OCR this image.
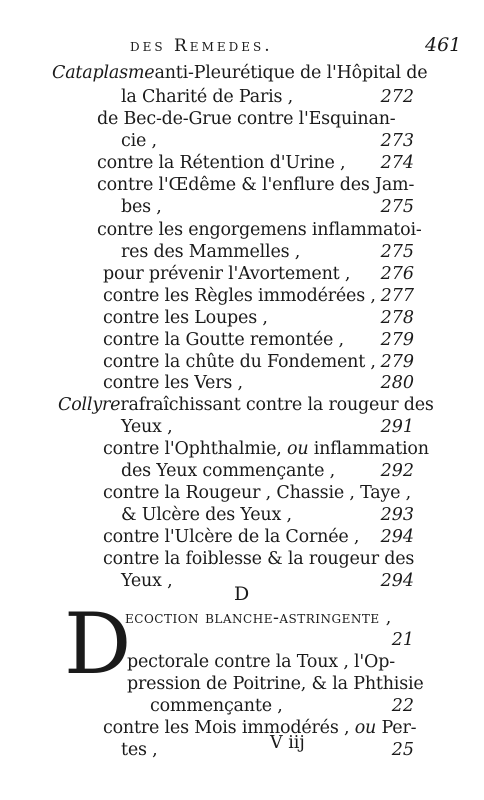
des Remedes.	461
Cataplasmeanti-Pleurétique de l'Hôpital de
la Charité de Paris ,	272
de Bec-de-Grue contre l'Esquinan-
cie ,	273
contre la Rétention d'Urine , 274
contre l'Œdême & l'enflure des Jam-
bes ,	275
contre les engorgemens inflammatoi-
res des Mammelles ,	275
pour prévenir l'Avortement , 276
contre les Règles immodérées , 277
contre les Loupes ,	278
contre la Goutte remontée , 279
contre la chûte du Fondement , 279
contre les Vers ,	280
Collyrerafraîchissant contre la rougeur des
Yeux ,	291
contre l'Ophthalmie, ou inflammation
des Yeux commençante ,	292
contre la Rougeur , Chassie , Taye ,
& Ulcère des Yeux ,	293
contre l'Ulcère de la Cornée , 294
contre la foiblesse & la rougeur des
Yeux ,	294
ecoction blanche-astringente ,
21
pectorale contre la Toux , l'Op-
pression de Poitrine, & la Phthisie
commençante ,	22
contre les Mois immodérés , ou Per-
tes ,	25
D
D
V iij
